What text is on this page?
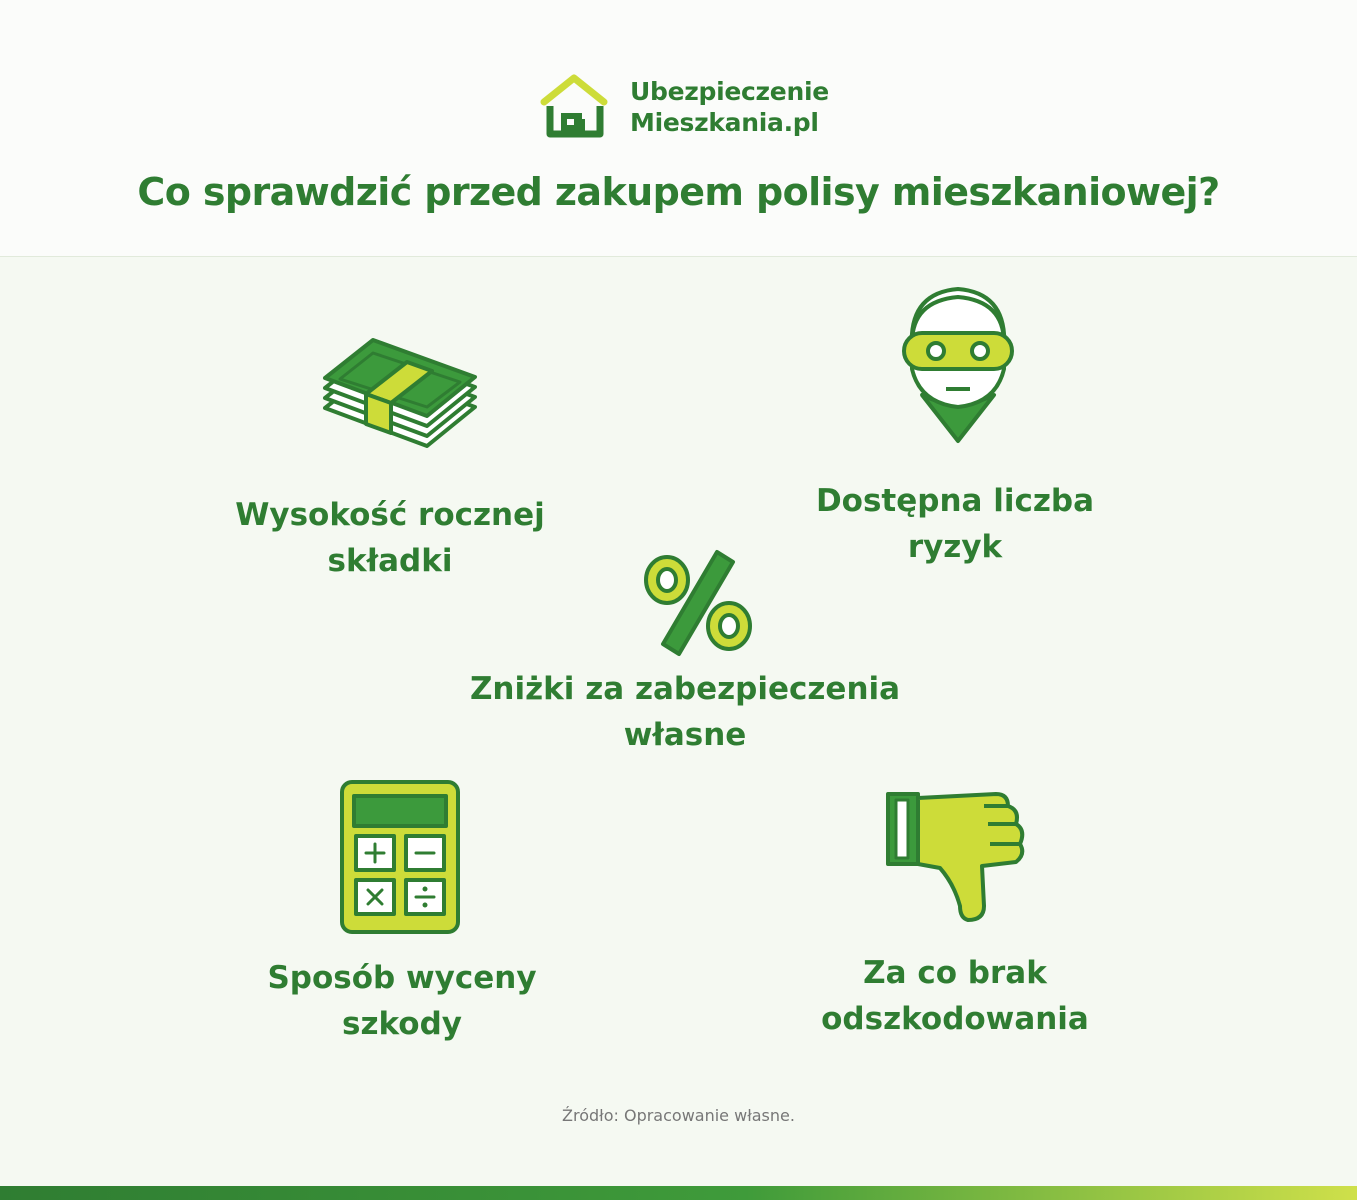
Ubezpieczenie
Mieszkania.pl
Co sprawdzić przed zakupem polisy mieszkaniowej?
Wysokość rocznej
składki
Dostępna liczba
ryzyk
Zniżki za zabezpieczenia
własne
Sposób wyceny
szkody
Za co brak
odszkodowania
Źródło: Opracowanie własne.
